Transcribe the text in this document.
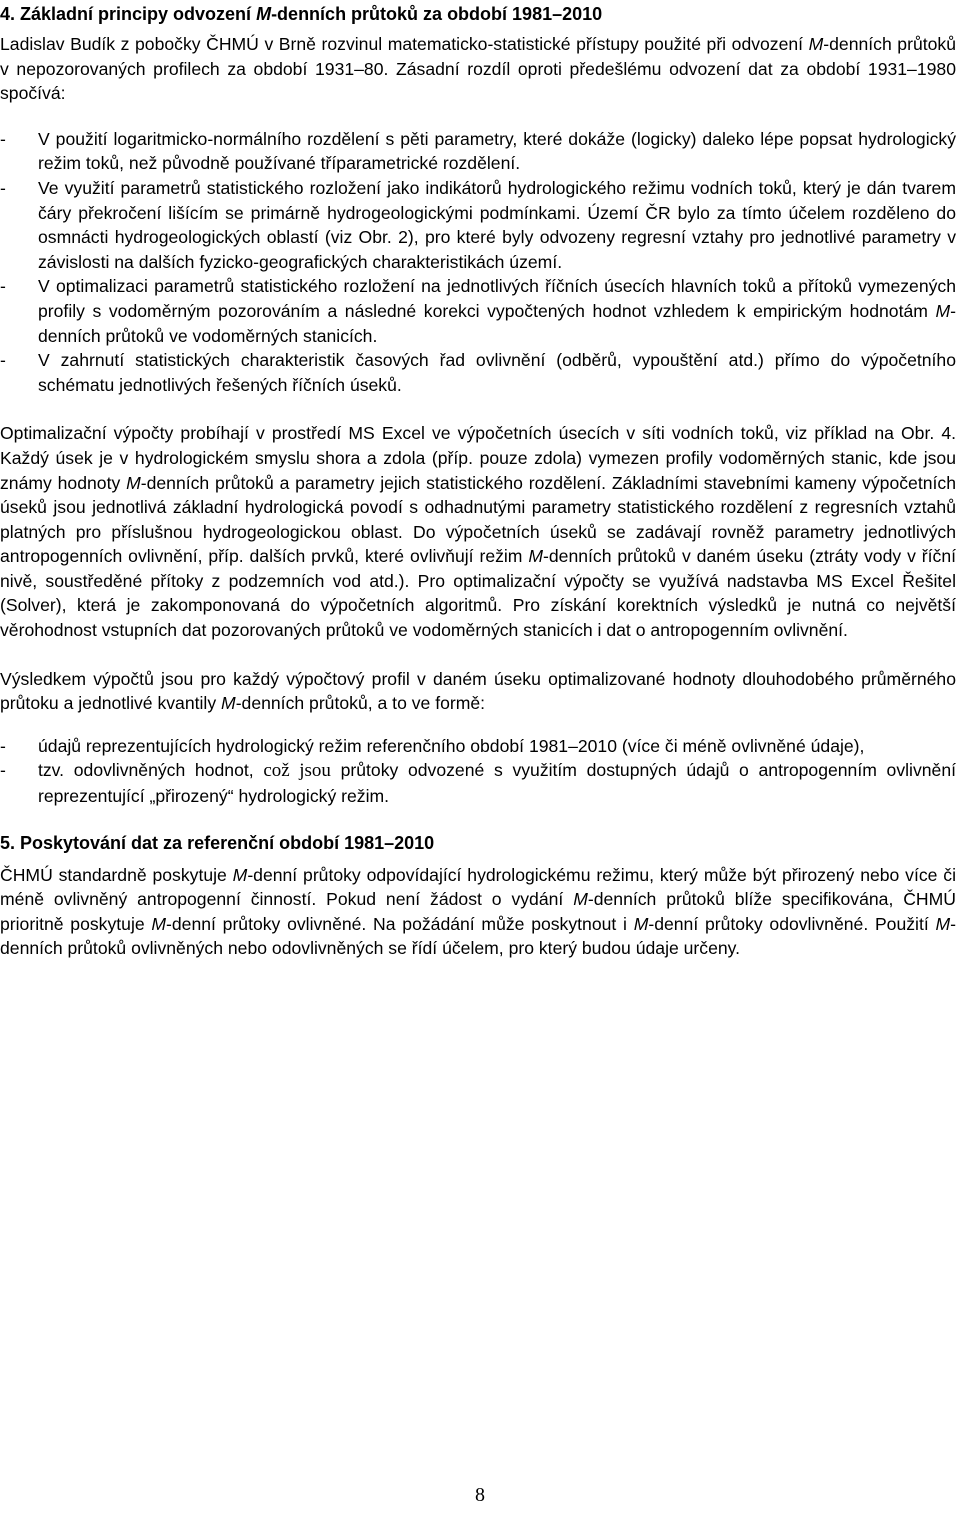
4. Základní principy odvození M-denních průtoků za období 1981–2010

Ladislav Budík z pobočky ČHMÚ v Brně rozvinul matematicko-statistické přístupy použité při odvození M-denních průtoků v nepozorovaných profilech za období 1931–80. Zásadní rozdíl oproti předešlému odvození dat za období 1931–1980 spočívá:

- V použití logaritmicko-normálního rozdělení s pěti parametry, které dokáže (logicky) daleko lépe popsat hydrologický režim toků, než původně používané tříparametrické rozdělení.
- Ve využití parametrů statistického rozložení jako indikátorů hydrologického režimu vodních toků, který je dán tvarem čáry překročení lišícím se primárně hydrogeologickými podmínkami. Území ČR bylo za tímto účelem rozděleno do osmnácti hydrogeologických oblastí (viz Obr. 2), pro které byly odvozeny regresní vztahy pro jednotlivé parametry v závislosti na dalších fyzicko-geografických charakteristikách území.
- V optimalizaci parametrů statistického rozložení na jednotlivých říčních úsecích hlavních toků a přítoků vymezených profily s vodoměrným pozorováním a následné korekci vypočtených hodnot vzhledem k empirickým hodnotám M-denních průtoků ve vodoměrných stanicích.
- V zahrnutí statistických charakteristik časových řad ovlivnění (odběrů, vypouštění atd.) přímo do výpočetního schématu jednotlivých řešených říčních úseků.

Optimalizační výpočty probíhají v prostředí MS Excel ve výpočetních úsecích v síti vodních toků, viz příklad na Obr. 4. Každý úsek je v hydrologickém smyslu shora a zdola (příp. pouze zdola) vymezen profily vodoměrných stanic, kde jsou známy hodnoty M-denních průtoků a parametry jejich statistického rozdělení. Základními stavebními kameny výpočetních úseků jsou jednotlivá základní hydrologická povodí s odhadnutými parametry statistického rozdělení z regresních vztahů platných pro příslušnou hydrogeologickou oblast. Do výpočetních úseků se zadávají rovněž parametry jednotlivých antropogenních ovlivnění, příp. dalších prvků, které ovlivňují režim M-denních průtoků v daném úseku (ztráty vody v říční nivě, soustředěné přítoky z podzemních vod atd.). Pro optimalizační výpočty se využívá nadstavba MS Excel Řešitel (Solver), která je zakomponovaná do výpočetních algoritmů. Pro získání korektních výsledků je nutná co největší věrohodnost vstupních dat pozorovaných průtoků ve vodoměrných stanicích i dat o antropogenním ovlivnění.

Výsledkem výpočtů jsou pro každý výpočtový profil v daném úseku optimalizované hodnoty dlouhodobého průměrného průtoku a jednotlivé kvantily M-denních průtoků, a to ve formě:

- údajů reprezentujících hydrologický režim referenčního období 1981–2010 (více či méně ovlivněné údaje),
- tzv. odovlivněných hodnot, což jsou průtoky odvozené s využitím dostupných údajů o antropogenním ovlivnění reprezentující „přirozený“ hydrologický režim.
5. Poskytování dat za referenční období 1981–2010

ČHMÚ standardně poskytuje M-denní průtoky odpovídající hydrologickému režimu, který může být přirozený nebo více či méně ovlivněný antropogenní činností. Pokud není žádost o vydání M-denních průtoků blíže specifikována, ČHMÚ prioritně poskytuje M-denní průtoky ovlivněné. Na požádání může poskytnout i M-denní průtoky odovlivněné. Použití M-denních průtoků ovlivněných nebo odovlivněných se řídí účelem, pro který budou údaje určeny.

8
